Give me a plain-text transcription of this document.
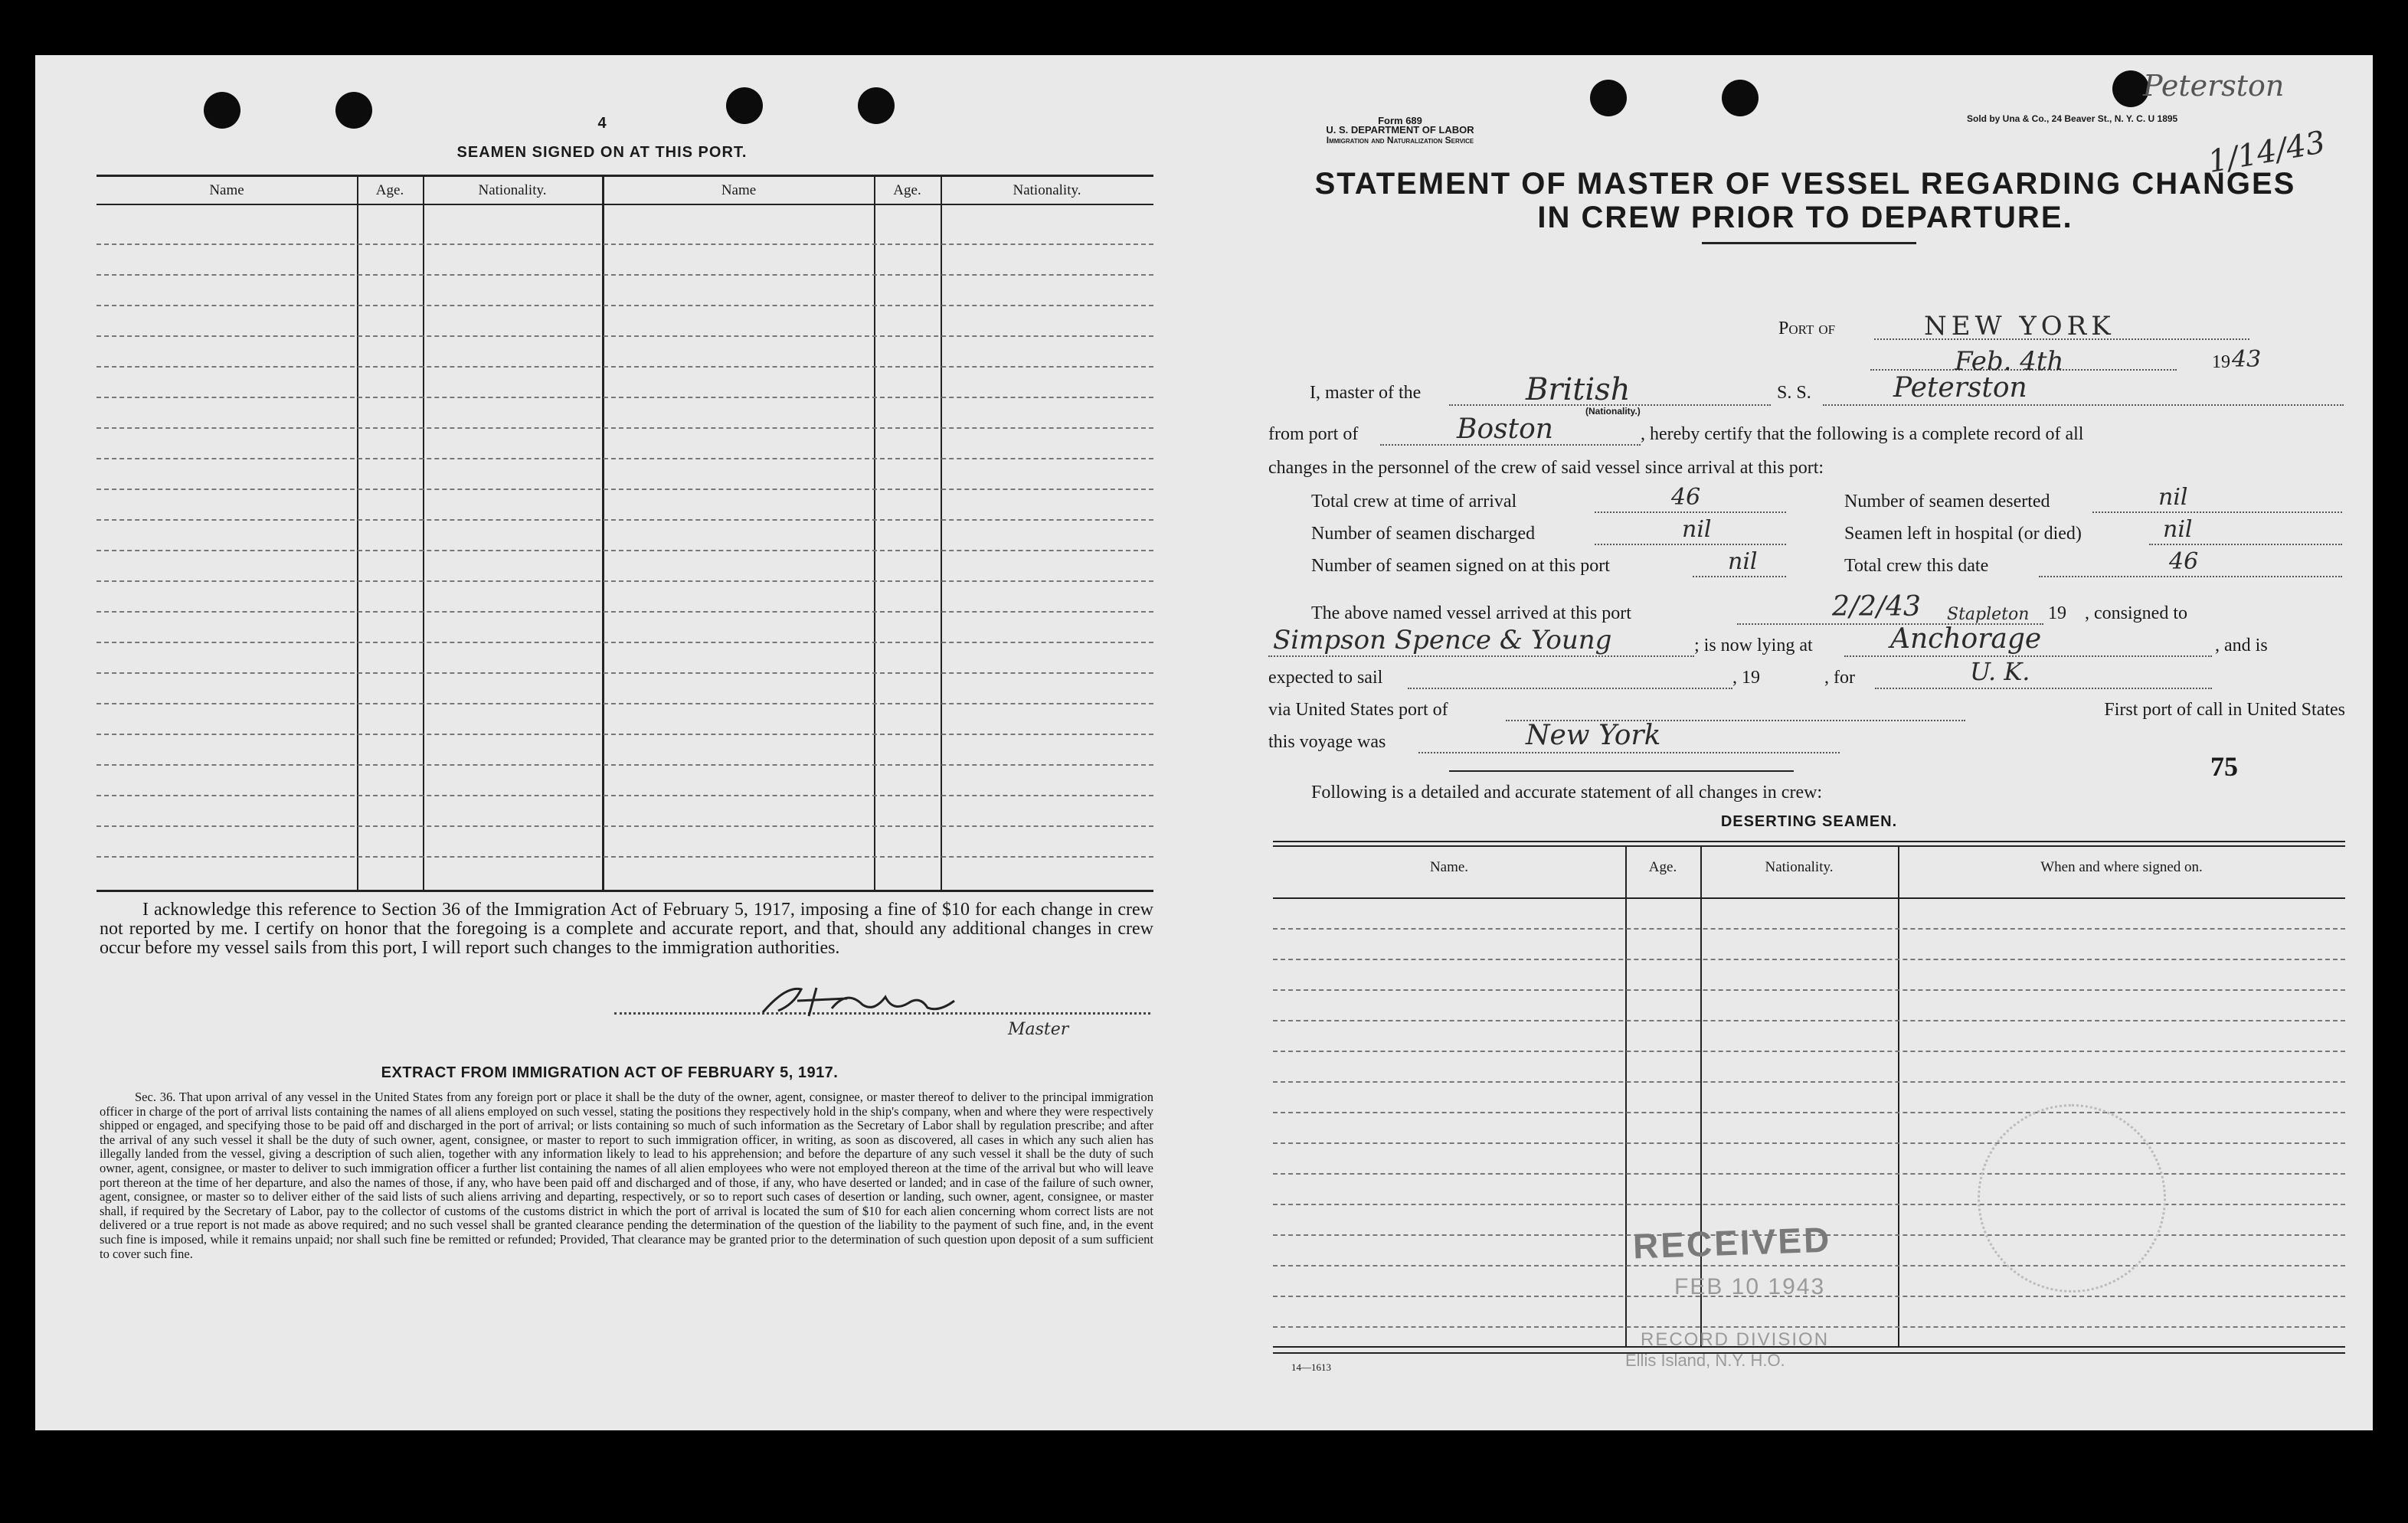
4
SEAMEN SIGNED ON AT THIS PORT.
Name	Age.	Nationality.	Name	Age.	Nationality.
I acknowledge this reference to Section 36 of the Immigration Act of February 5, 1917, imposing a fine of $10 for each change in crew not reported by me. I certify on honor that the foregoing is a complete and accurate report, and that, should any additional changes in crew occur before my vessel sails from this port, I will report such changes to the immigration authorities.
Master
EXTRACT FROM IMMIGRATION ACT OF FEBRUARY 5, 1917.
Sec. 36. That upon arrival of any vessel in the United States from any foreign port or place it shall be the duty of the owner, agent, consignee, or master thereof to deliver to the principal immigration officer in charge of the port of arrival lists containing the names of all aliens employed on such vessel, stating the positions they respectively hold in the ship's company, when and where they were respectively shipped or engaged, and specifying those to be paid off and discharged in the port of arrival; or lists containing so much of such information as the Secretary of Labor shall by regulation prescribe; and after the arrival of any such vessel it shall be the duty of such owner, agent, consignee, or master to report to such immigration officer, in writing, as soon as discovered, all cases in which any such alien has illegally landed from the vessel, giving a description of such alien, together with any information likely to lead to his apprehension; and before the departure of any such vessel it shall be the duty of such owner, agent, consignee, or master to deliver to such immigration officer a further list containing the names of all alien employees who were not employed thereon at the time of the arrival but who will leave port thereon at the time of her departure, and also the names of those, if any, who have been paid off and discharged and of those, if any, who have deserted or landed; and in case of the failure of such owner, agent, consignee, or master so to deliver either of the said lists of such aliens arriving and departing, respectively, or so to report such cases of desertion or landing, such owner, agent, consignee, or master shall, if required by the Secretary of Labor, pay to the collector of customs of the customs district in which the port of arrival is located the sum of $10 for each alien concerning whom correct lists are not delivered or a true report is not made as above required; and no such vessel shall be granted clearance pending the determination of the question of the liability to the payment of such fine, and, in the event such fine is imposed, while it remains unpaid; nor shall such fine be remitted or refunded; Provided, That clearance may be granted prior to the determination of such question upon deposit of a sum sufficient to cover such fine.
Form 689
U. S. DEPARTMENT OF LABOR
Immigration and Naturalization Service
Sold by Una & Co., 24 Beaver St., N. Y. C. U 1895
Peterston
1/14/43
STATEMENT OF MASTER OF VESSEL REGARDING CHANGES
IN CREW PRIOR TO DEPARTURE.
Port of	NEW YORK
Feb. 4th	19 43
I, master of the	British
(Nationality.)
S. S.	Peterston
from port of	Boston	, hereby certify that the following is a complete record of all
changes in the personnel of the crew of said vessel since arrival at this port:
Total crew at time of arrival	46	Number of seamen deserted	nil
Number of seamen discharged	nil	Seamen left in hospital (or died)	nil
Number of seamen signed on at this port	nil	Total crew this date	46
The above named vessel arrived at this port	2/2/43	19 , consigned to
Simpson Spence & Young	; is now lying at
Stapleton
Anchorage	, and is
expected to sail	, 19	, for	U. K.
via United States port of	First port of call in United States
this voyage was	New York
75
Following is a detailed and accurate statement of all changes in crew:
DESERTING SEAMEN.
Name.	Age.	Nationality.	When and where signed on.
RECEIVED
FEB 10 1943
RECORD DIVISION
Ellis Island, N.Y. H.O.
14—1613
